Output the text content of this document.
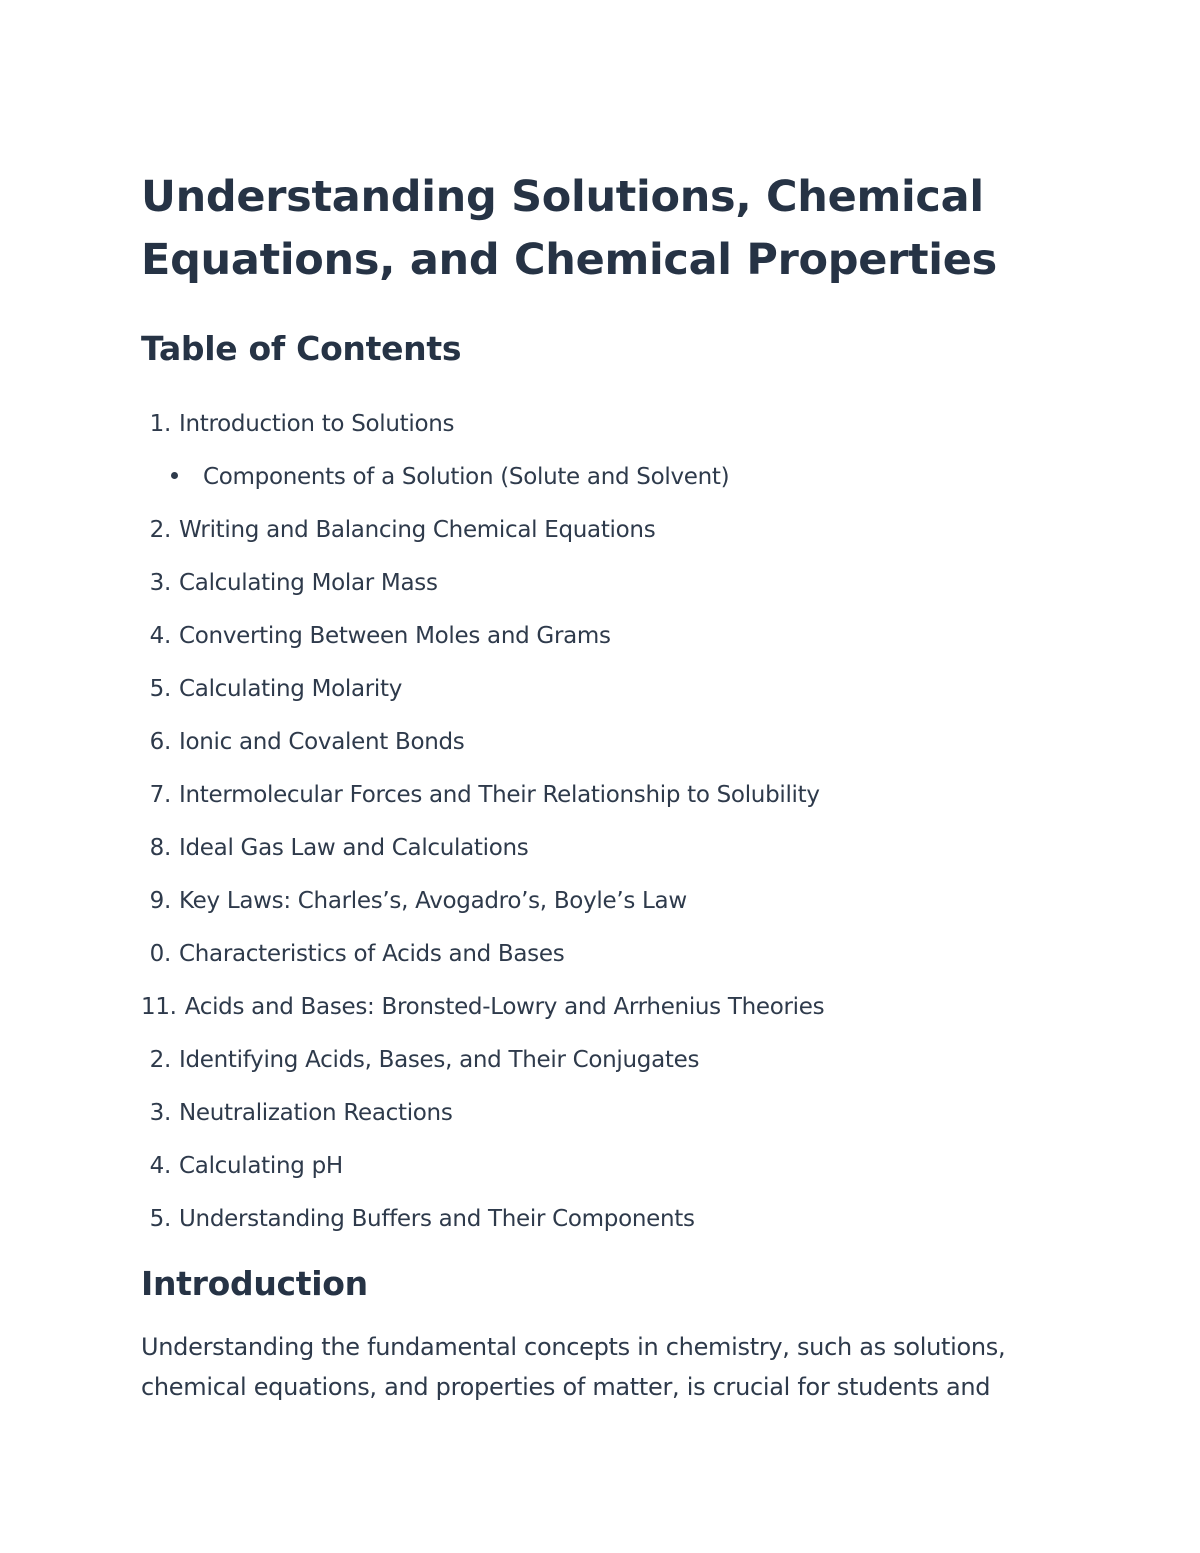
Understanding Solutions, Chemical
Equations, and Chemical Properties
Table of Contents
1. Introduction to Solutions
Components of a Solution (Solute and Solvent)
2. Writing and Balancing Chemical Equations
3. Calculating Molar Mass
4. Converting Between Moles and Grams
5. Calculating Molarity
6. Ionic and Covalent Bonds
7. Intermolecular Forces and Their Relationship to Solubility
8. Ideal Gas Law and Calculations
9. Key Laws: Charles’s, Avogadro’s, Boyle’s Law
0. Characteristics of Acids and Bases
11. Acids and Bases: Bronsted-Lowry and Arrhenius Theories
2. Identifying Acids, Bases, and Their Conjugates
3. Neutralization Reactions
4. Calculating pH
5. Understanding Buffers and Their Components
Introduction

Understanding the fundamental concepts in chemistry, such as solutions,
chemical equations, and properties of matter, is crucial for students and
